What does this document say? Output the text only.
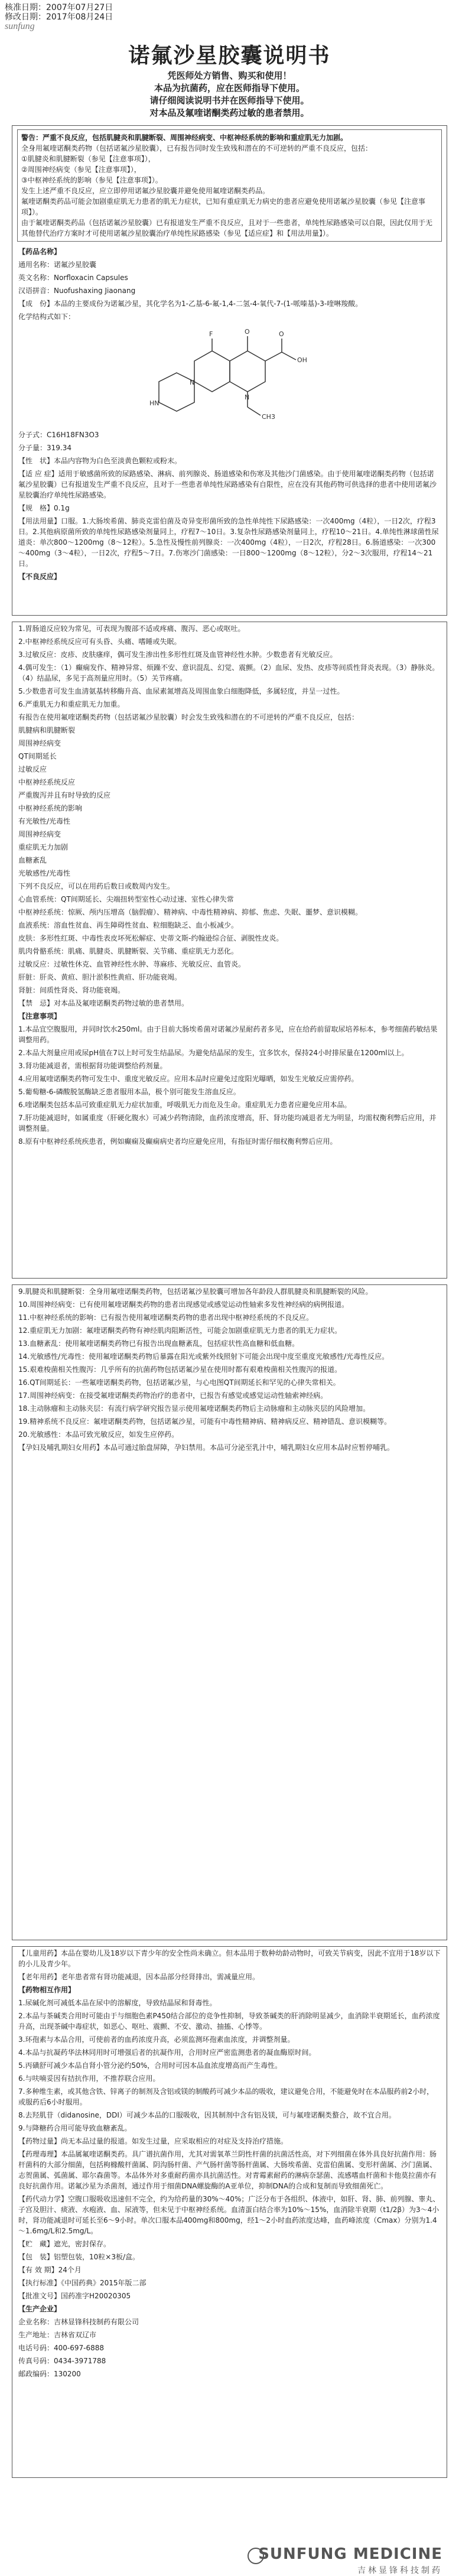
核准日期：2007年07月27日
修改日期：2017年08月24日
sunfung
诺氟沙星胶囊说明书
凭医师处方销售、购买和使用！
本品为抗菌药，应在医师指导下使用。
请仔细阅读说明书并在医师指导下使用。
对本品及氟喹诺酮类药过敏的患者禁用。
警告：严重不良反应，包括肌腱炎和肌腱断裂、周围神经病变、中枢神经系统的影响和重症肌无力加剧。
全身用氟喹诺酮类药物（包括诺氟沙星胶囊），已有报告同时发生致残和潜在的不可逆转的严重不良反应，包括：
①肌腱炎和肌腱断裂（参见【注意事项】），
②周围神经病变（参见【注意事项】），
③中枢神经系统的影响（参见【注意事项】）。
发生上述严重不良反应，应立即停用诺氟沙星胶囊并避免使用氟喹诺酮类药品。
氟喹诺酮类药品可能会加剧重症肌无力患者的肌无力症状，已知有重症肌无力病史的患者应避免使用诺氟沙星胶囊（参见【注意事项】）。
由于氟喹诺酮类药品（包括诺氟沙星胶囊）已有报道发生严重不良反应，且对于一些患者，单纯性尿路感染可以自限，因此仅用于无其他替代治疗方案时才可使用诺氟沙星胶囊治疗单纯性尿路感染（参见【适应症】和【用法用量】）。
【药品名称】
通用名称：诺氟沙星胶囊
英文名称：Norfloxacin Capsules
汉语拼音：Nuofushaxing Jiaonang
【成　份】本品的主要成份为诺氟沙星，其化学名为1-乙基-6-氟-1,4-二氢-4-氧代-7-(1-哌嗪基)-3-喹啉羧酸。
化学结构式如下：
F	O
OH
O
N
CH3
N
HN
分子式：C16H18FN3O3
分子量：319.34
【性　状】本品内容物为白色至淡黄色颗粒或粉末。
【适 应 症】适用于敏感菌所致的尿路感染、淋病、前列腺炎、肠道感染和伤寒及其他沙门菌感染。由于使用氟喹诺酮类药物（包括诺氟沙星胶囊）已有报道发生严重不良反应，且对于一些患者单纯性尿路感染有自限性，应在没有其他药物可供选择的患者中使用诺氟沙星胶囊治疗单纯性尿路感染。
【规　格】0.1g
【用法用量】口服。1.大肠埃希菌、肺炎克雷伯菌及奇异变形菌所致的急性单纯性下尿路感染：一次400mg（4粒），一日2次，疗程3日。2.其他病原菌所致的单纯性尿路感染剂量同上，疗程7～10日。3.复杂性尿路感染剂量同上，疗程10～21日。4.单纯性淋球菌性尿道炎：单次800～1200mg（8～12粒）。5.急性及慢性前列腺炎：一次400mg（4粒），一日2次，疗程28日。6.肠道感染：一次300～400mg（3～4粒），一日2次，疗程5～7日。7.伤寒沙门菌感染：一日800～1200mg（8～12粒），分2～3次服用，疗程14～21日。
【不良反应】
1.胃肠道反应较为常见，可表现为腹部不适或疼痛、腹泻、恶心或呕吐。
2.中枢神经系统反应可有头昏、头痛、嗜睡或失眠。
3.过敏反应：皮疹、皮肤瘙痒，偶可发生渗出性多形性红斑及血管神经性水肿。少数患者有光敏反应。
4.偶可发生：（1）癫痫发作、精神异常、烦躁不安、意识混乱、幻觉、震颤。（2）血尿、发热、皮疹等间质性肾炎表现。（3）静脉炎。（4）结晶尿，多见于高剂量应用时。（5）关节疼痛。
5.少数患者可发生血清氨基转移酶升高、血尿素氮增高及周围血象白细胞降低，多属轻度，并呈一过性。
6.严重肌无力和重症肌无力加重。
有报告在使用氟喹诺酮类药物（包括诺氟沙星胶囊）时会发生致残和潜在的不可逆转的严重不良反应，包括：
肌腱病和肌腱断裂
周围神经病变
QT间期延长
过敏反应
中枢神经系统反应
严重腹泻并且有时导致的反应
中枢神经系统的影响
有光敏性/光毒性
周围神经病变
重症肌无力加剧
血糖紊乱
光敏感性/光毒性
下列不良反应，可以在用药后数日或数周内发生。
心血管系统：QT间期延长、尖端扭转型室性心动过速、室性心律失常
中枢神经系统：惊厥、颅内压增高（脑假瘤）、精神病、中毒性精神病、抑郁、焦虑、失眠、噩梦、意识模糊。
血液系统：溶血性贫血、再生障碍性贫血、粒细胞缺乏、血小板减少。
皮肤：多形性红斑、中毒性表皮坏死松解症、史蒂文斯-约翰逊综合征、剥脱性皮炎。
肌肉骨骼系统：肌痛、肌腱炎、肌腱断裂、关节痛、重症肌无力恶化。
过敏反应：过敏性休克、血管神经性水肿、荨麻疹、光敏反应、血管炎。
肝脏：肝炎、黄疸、胆汁淤积性黄疸、肝功能衰竭。
肾脏：间质性肾炎、肾功能衰竭。
【禁　忌】对本品及氟喹诺酮类药物过敏的患者禁用。
【注意事项】
1.本品宜空腹服用，并同时饮水250ml。由于目前大肠埃希菌对诺氟沙星耐药者多见，应在给药前留取尿培养标本，参考细菌药敏结果调整用药。
2.本品大剂量应用或尿pH值在7以上时可发生结晶尿。为避免结晶尿的发生，宜多饮水，保持24小时排尿量在1200ml以上。
3.肾功能减退者，需根据肾功能调整给药剂量。
4.应用氟喹诺酮类药物可发生中、重度光敏反应。应用本品时应避免过度阳光曝晒，如发生光敏反应需停药。
5.葡萄糖-6-磷酸脱氢酶缺乏患者服用本品，极个别可能发生溶血反应。
6.喹诺酮类包括本品可致重症肌无力症状加重，呼吸肌无力而危及生命。重症肌无力患者应避免应用本品。
7.肝功能减退时，如属重度（肝硬化腹水）可减少药物清除，血药浓度增高，肝、肾功能均减退者尤为明显，均需权衡利弊后应用，并调整剂量。
8.原有中枢神经系统疾患者，例如癫痫及癫痫病史者均应避免应用，有指征时需仔细权衡利弊后应用。
9.肌腱炎和肌腱断裂：全身用氟喹诺酮类药物，包括诺氟沙星胶囊可增加各年龄段人群肌腱炎和肌腱断裂的风险。
10.周围神经病变：已有使用氟喹诺酮类药物的患者出现感觉或感觉运动性轴索多发性神经病的病例报道。
11.中枢神经系统的影响：已有报告使用氟喹诺酮类药物的患者出现中枢神经系统的不良反应。
12.重症肌无力加剧：氟喹诺酮类药物有神经肌肉阻断活性，可能会加剧重症肌无力患者的肌无力症状。
13.血糖紊乱：使用氟喹诺酮类药物已有报告出现血糖紊乱，包括症状性高血糖和低血糖。
14.光敏感性/光毒性：使用氟喹诺酮类药物后暴露在阳光或紫外线照射下可能会出现中度至重度光敏感性/光毒性反应。
15.艰难梭菌相关性腹泻：几乎所有的抗菌药物包括诺氟沙星在使用时都有艰难梭菌相关性腹泻的报道。
16.QT间期延长：一些氟喹诺酮类药物，包括诺氟沙星，与心电图QT间期延长和罕见的心律失常相关。
17.周围神经病变：在接受氟喹诺酮类药物治疗的患者中，已报告有感觉或感觉运动性轴索神经病。
18.主动脉瘤和主动脉夹层：有流行病学研究报告显示使用氟喹诺酮类药物后主动脉瘤和主动脉夹层的风险增加。
19.精神系统不良反应：氟喹诺酮类药物，包括诺氟沙星，可能有中毒性精神病、精神病反应、精神错乱、意识模糊等。
20.光敏感性：本品可致光敏反应，如发生应停药。
【孕妇及哺乳期妇女用药】本品可通过胎盘屏障，孕妇禁用。本品可分泌至乳汁中，哺乳期妇女应用本品时应暂停哺乳。
【儿童用药】本品在婴幼儿及18岁以下青少年的安全性尚未确立。但本品用于数种幼龄动物时，可致关节病变，因此不宜用于18岁以下的小儿及青少年。
【老年用药】老年患者常有肾功能减退，因本品部分经肾排出，需减量应用。
【药物相互作用】
1.尿碱化剂可减低本品在尿中的溶解度，导致结晶尿和肾毒性。
2.本品与茶碱类合用时可能由于与细胞色素P450结合部位的竞争性抑制，导致茶碱类的肝消除明显减少，血消除半衰期延长，血药浓度升高，出现茶碱中毒症状，如恶心、呕吐、震颤、不安、激动、抽搐、心悸等。
3.环孢素与本品合用，可使前者的血药浓度升高，必须监测环孢素血浓度，并调整剂量。
4.本品与抗凝药华法林同用时可增强后者的抗凝作用，合用时应严密监测患者的凝血酶原时间。
5.丙磺舒可减少本品自肾小管分泌约50%，合用时可因本品血浓度增高而产生毒性。
6.与呋喃妥因有拮抗作用，不推荐联合应用。
7.多种维生素，或其他含铁、锌离子的制剂及含铝或镁的制酸药可减少本品的吸收，建议避免合用，不能避免时在本品服药前2小时，或服药后6小时服用。
8.去羟肌苷（didanosine，DDI）可减少本品的口服吸收，因其制剂中含有铝及镁，可与氟喹诺酮类螯合，故不宜合用。
9.与降糖药合用可能导致血糖紊乱。
【药物过量】尚无本品过量的报道。如发生过量，应采取相应的对症及支持治疗措施。
【药理毒理】本品属氟喹诺酮类药。具广谱抗菌作用，尤其对需氧革兰阴性杆菌的抗菌活性高，对下列细菌在体外具良好抗菌作用：肠杆菌科的大部分细菌，包括枸橼酸杆菌属、阴沟肠杆菌、产气肠杆菌等肠杆菌属、大肠埃希菌、克雷伯菌属、变形杆菌属、沙门菌属、志贺菌属、弧菌属、耶尔森菌等。本品体外对多重耐药菌亦具抗菌活性。对青霉素耐药的淋病奈瑟菌、流感嗜血杆菌和卡他莫拉菌亦有良好抗菌作用。诺氟沙星为杀菌剂，通过作用于细菌DNA螺旋酶的A亚单位，抑制DNA的合成和复制而导致细菌死亡。
【药代动力学】空腹口服吸收迅速但不完全，约为给药量的30%～40%；广泛分布于各组织、体液中，如肝、肾、肺、前列腺、睾丸、子宫及胆汁、痰液、水疱液、血、尿液等，但未见于中枢神经系统。血清蛋白结合率为10%～15%，血消除半衰期（t1/2β）为3～4小时，肾功能减退时可延长至6～9小时。单次口服本品400mg和800mg，经1～2小时血药浓度达峰，血药峰浓度（Cmax）分别为1.4～1.6mg/L和2.5mg/L。
【贮　藏】遮光，密封保存。
【包　装】铝塑包装，10粒×3板/盒。
【有 效 期】24个月
【执行标准】《中国药典》2015年版二部
【批准文号】国药准字H20020305
【生产企业】
企业名称：吉林显锋科技制药有限公司
生产地址：吉林省双辽市
电话号码：400-697-6888
传真号码：0434-3971788
邮政编码：130200
SUNFUNG MEDICINE
吉林显锋科技制药
